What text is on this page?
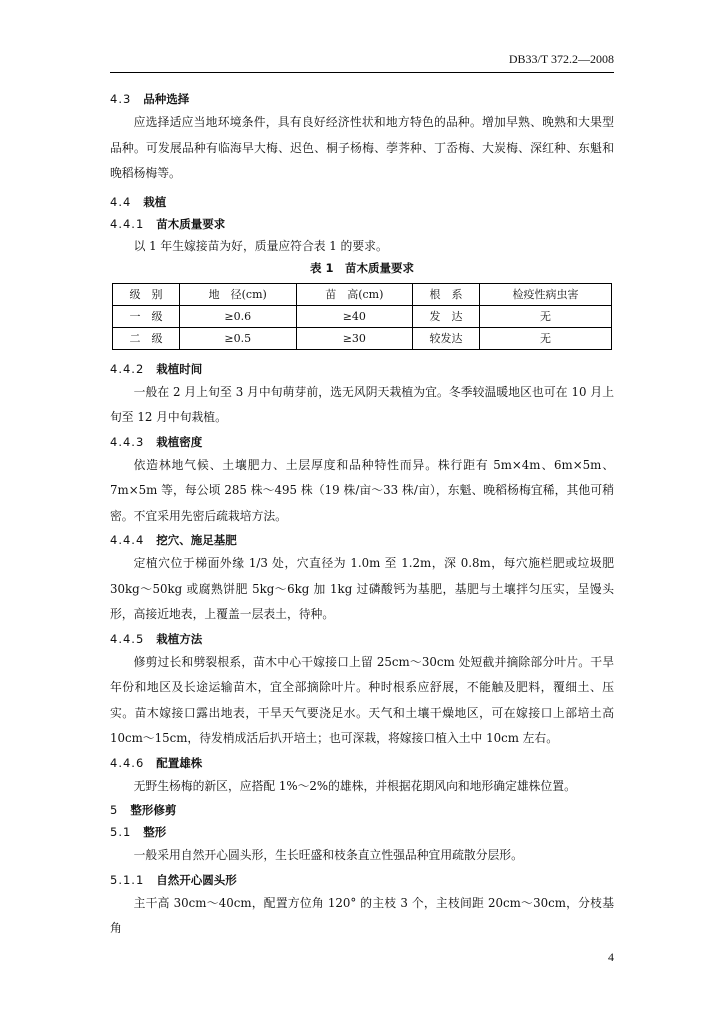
DB33/T 372.2—2008
4.3 品种选择

应选择适应当地环境条件，具有良好经济性状和地方特色的品种。增加早熟、晚熟和大果型品种。可发展品种有临海早大梅、迟色、桐子杨梅、荸荠种、丁岙梅、大炭梅、深红种、东魁和晚稻杨梅等。

4.4 栽植
4.4.1 苗木质量要求

以 1 年生嫁接苗为好，质量应符合表 1 的要求。

表 1　苗木质量要求
级　别	地　径(cm)	苗　高(cm)	根　系	检疫性病虫害
一　级	≥0.6	≥40	发　达	无
二　级	≥0.5	≥30	较发达	无
4.4.2 栽植时间

一般在 2 月上旬至 3 月中旬萌芽前，选无风阴天栽植为宜。冬季较温暖地区也可在 10 月上旬至 12 月中旬栽植。

4.4.3 栽植密度

依造林地气候、土壤肥力、土层厚度和品种特性而异。株行距有 5m×4m、6m×5m、7m×5m 等，每公顷 285 株～495 株（19 株/亩～33 株/亩），东魁、晚稻杨梅宜稀，其他可稍密。不宜采用先密后疏栽培方法。

4.4.4 挖穴、施足基肥

定植穴位于梯面外缘 1/3 处，穴直径为 1.0m 至 1.2m，深 0.8m，每穴施栏肥或垃圾肥 30kg～50kg 或腐熟饼肥 5kg～6kg 加 1kg 过磷酸钙为基肥，基肥与土壤拌匀压实，呈馒头形，高接近地表，上覆盖一层表土，待种。

4.4.5 栽植方法

修剪过长和劈裂根系，苗木中心干嫁接口上留 25cm～30cm 处短截并摘除部分叶片。干旱年份和地区及长途运输苗木，宜全部摘除叶片。种时根系应舒展，不能触及肥料，覆细土、压实。苗木嫁接口露出地表，干旱天气要浇足水。天气和土壤干燥地区，可在嫁接口上部培土高 10cm～15cm，待发梢成活后扒开培土；也可深栽，将嫁接口植入土中 10cm 左右。

4.4.6 配置雄株

无野生杨梅的新区，应搭配 1%～2%的雄株，并根据花期风向和地形确定雄株位置。

5 整形修剪
5.1 整形

一般采用自然开心圆头形，生长旺盛和枝条直立性强品种宜用疏散分层形。

5.1.1 自然开心圆头形

主干高 30cm～40cm，配置方位角 120° 的主枝 3 个，主枝间距 20cm～30cm，分枝基角

4
